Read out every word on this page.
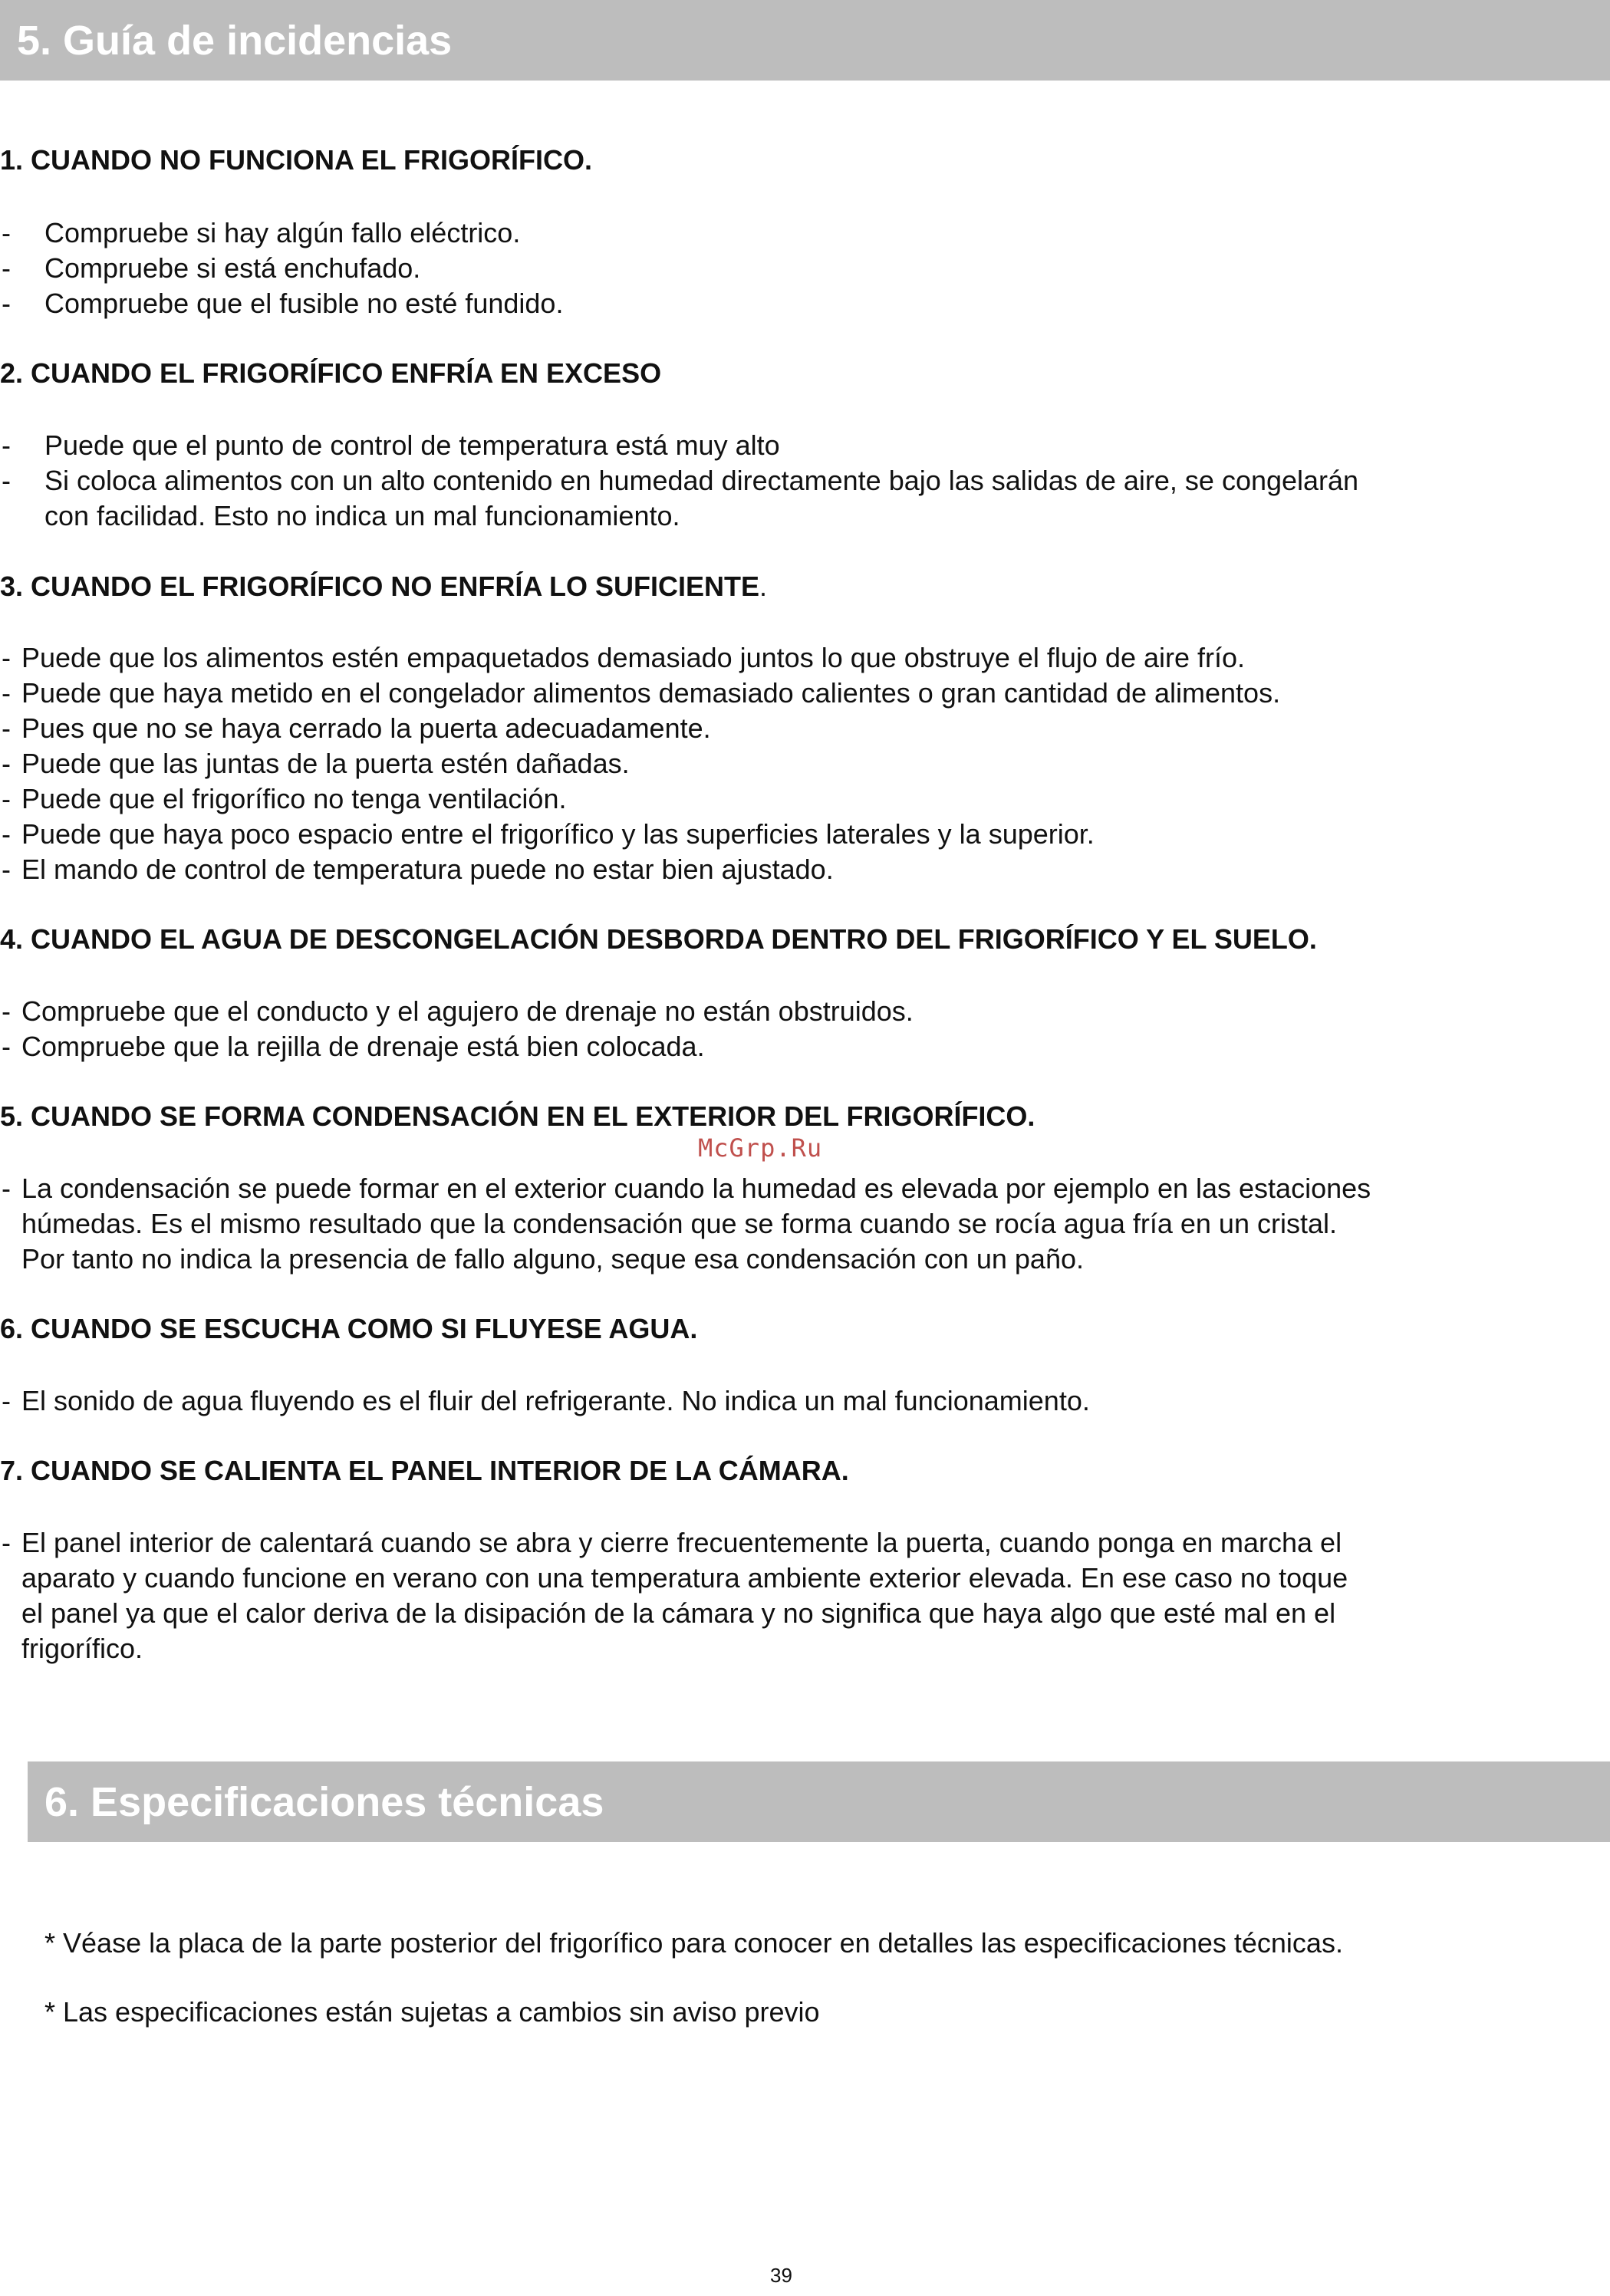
5. Guía de incidencias
1. CUANDO NO FUNCIONA EL FRIGORÍFICO.
- Compruebe si hay algún fallo eléctrico.
- Compruebe si está enchufado.
- Compruebe que el fusible no esté fundido.
2. CUANDO EL FRIGORÍFICO ENFRÍA EN EXCESO
- Puede que el punto de control de temperatura está muy alto
- Si coloca alimentos con un alto contenido en humedad directamente bajo las salidas de aire, se congelarán
con facilidad. Esto no indica un mal funcionamiento.
3. CUANDO EL FRIGORÍFICO NO ENFRÍA LO SUFICIENTE.
- Puede que los alimentos estén empaquetados demasiado juntos lo que obstruye el flujo de aire frío.
- Puede que haya metido en el congelador alimentos demasiado calientes o gran cantidad de alimentos.
- Pues que no se haya cerrado la puerta adecuadamente.
- Puede que las juntas de la puerta estén dañadas.
- Puede que el frigorífico no tenga ventilación.
- Puede que haya poco espacio entre el frigorífico y las superficies laterales y la superior.
- El mando de control de temperatura puede no estar bien ajustado.
4. CUANDO EL AGUA DE DESCONGELACIÓN DESBORDA DENTRO DEL FRIGORÍFICO Y EL SUELO.
- Compruebe que el conducto y el agujero de drenaje no están obstruidos.
- Compruebe que la rejilla de drenaje está bien colocada.
5. CUANDO SE FORMA CONDENSACIÓN EN EL EXTERIOR DEL FRIGORÍFICO.
McGrp.Ru
- La condensación se puede formar en el exterior cuando la humedad es elevada por ejemplo en las estaciones
húmedas. Es el mismo resultado que la condensación que se forma cuando se rocía agua fría en un cristal.
Por tanto no indica la presencia de fallo alguno, seque esa condensación con un paño.
6. CUANDO SE ESCUCHA COMO SI FLUYESE AGUA.
- El sonido de agua fluyendo es el fluir del refrigerante. No indica un mal funcionamiento.
7. CUANDO SE CALIENTA EL PANEL INTERIOR DE LA CÁMARA.
- El panel interior de calentará cuando se abra y cierre frecuentemente la puerta, cuando ponga en marcha el
aparato y cuando funcione en verano con una temperatura ambiente exterior elevada. En ese caso no toque
el panel ya que el calor deriva de la disipación de la cámara y no significa que haya algo que esté mal en el
frigorífico.
6. Especificaciones técnicas
* Véase la placa de la parte posterior del frigorífico para conocer en detalles las especificaciones técnicas.
* Las especificaciones están sujetas a cambios sin aviso previo
39
